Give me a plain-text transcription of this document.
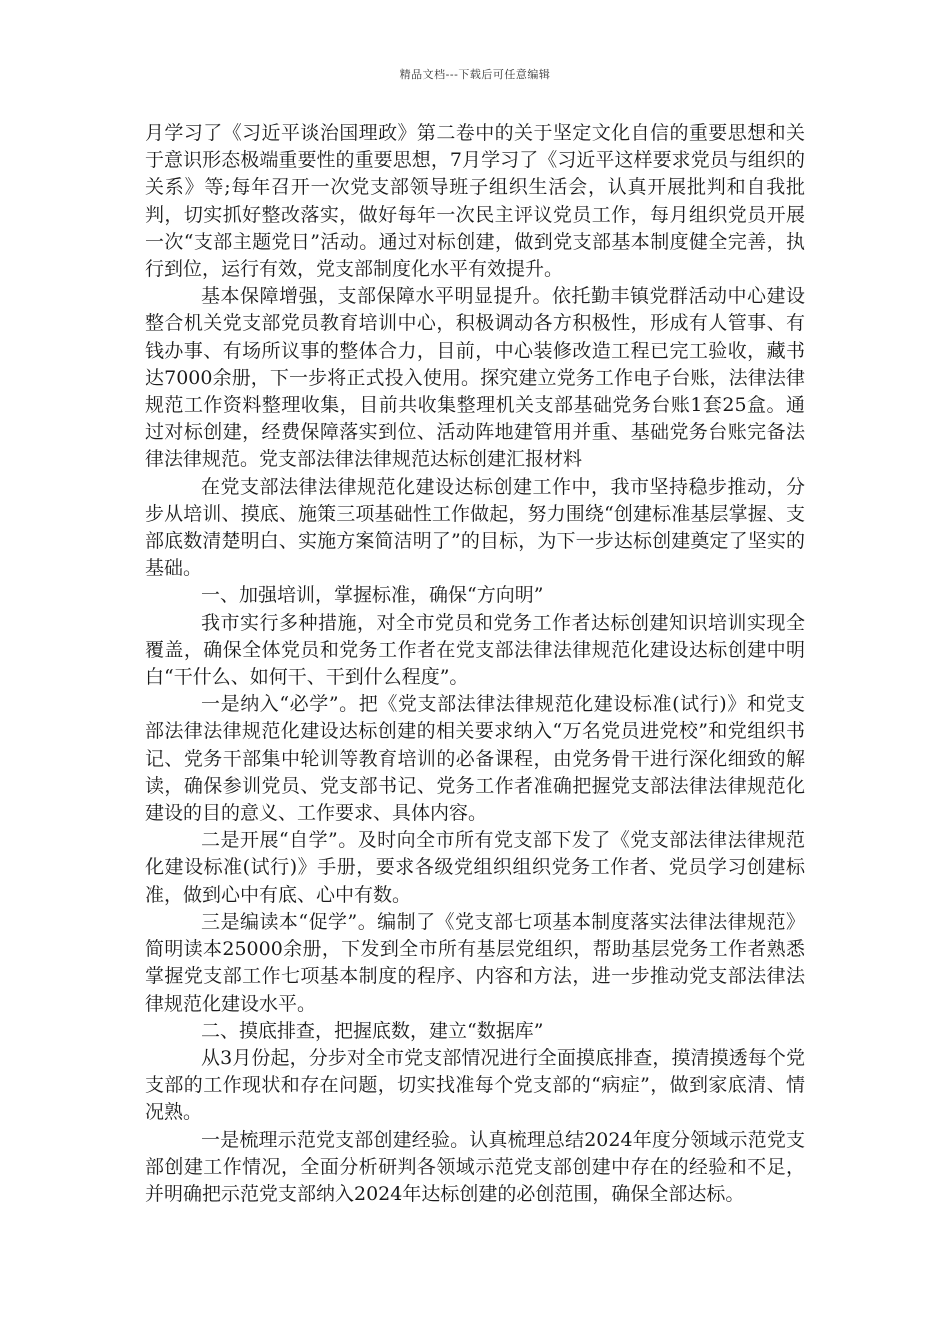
精品文档---下载后可任意编辑

月学习了《习近平谈治国理政》第二卷中的关于坚定文化自信的重要思想和关于意识形态极端重要性的重要思想，7月学习了《习近平这样要求党员与组织的关系》等;每年召开一次党支部领导班子组织生活会，认真开展批判和自我批判，切实抓好整改落实，做好每年一次民主评议党员工作，每月组织党员开展一次“支部主题党日”活动。通过对标创建，做到党支部基本制度健全完善，执行到位，运行有效，党支部制度化水平有效提升。

基本保障增强，支部保障水平明显提升。依托勤丰镇党群活动中心建设整合机关党支部党员教育培训中心，积极调动各方积极性，形成有人管事、有钱办事、有场所议事的整体合力，目前，中心装修改造工程已完工验收，藏书达7000余册，下一步将正式投入使用。探究建立党务工作电子台账，法律法律规范工作资料整理收集，目前共收集整理机关支部基础党务台账1套25盒。通过对标创建，经费保障落实到位、活动阵地建管用并重、基础党务台账完备法律法律规范。党支部法律法律规范达标创建汇报材料

在党支部法律法律规范化建设达标创建工作中，我市坚持稳步推动，分步从培训、摸底、施策三项基础性工作做起，努力围绕“创建标准基层掌握、支部底数清楚明白、实施方案简洁明了”的目标，为下一步达标创建奠定了坚实的基础。

一、加强培训，掌握标准，确保“方向明”

我市实行多种措施，对全市党员和党务工作者达标创建知识培训实现全覆盖，确保全体党员和党务工作者在党支部法律法律规范化建设达标创建中明白“干什么、如何干、干到什么程度”。

一是纳入“必学”。把《党支部法律法律规范化建设标准(试行)》和党支部法律法律规范化建设达标创建的相关要求纳入“万名党员进党校”和党组织书记、党务干部集中轮训等教育培训的必备课程，由党务骨干进行深化细致的解读，确保参训党员、党支部书记、党务工作者准确把握党支部法律法律规范化建设的目的意义、工作要求、具体内容。

二是开展“自学”。及时向全市所有党支部下发了《党支部法律法律规范化建设标准(试行)》手册，要求各级党组织组织党务工作者、党员学习创建标准，做到心中有底、心中有数。

三是编读本“促学”。编制了《党支部七项基本制度落实法律法律规范》简明读本25000余册，下发到全市所有基层党组织，帮助基层党务工作者熟悉掌握党支部工作七项基本制度的程序、内容和方法，进一步推动党支部法律法律规范化建设水平。

二、摸底排查，把握底数，建立“数据库”

从3月份起，分步对全市党支部情况进行全面摸底排查，摸清摸透每个党支部的工作现状和存在问题，切实找准每个党支部的“病症”，做到家底清、情况熟。

一是梳理示范党支部创建经验。认真梳理总结2024年度分领域示范党支部创建工作情况，全面分析研判各领域示范党支部创建中存在的经验和不足，并明确把示范党支部纳入2024年达标创建的必创范围，确保全部达标。
